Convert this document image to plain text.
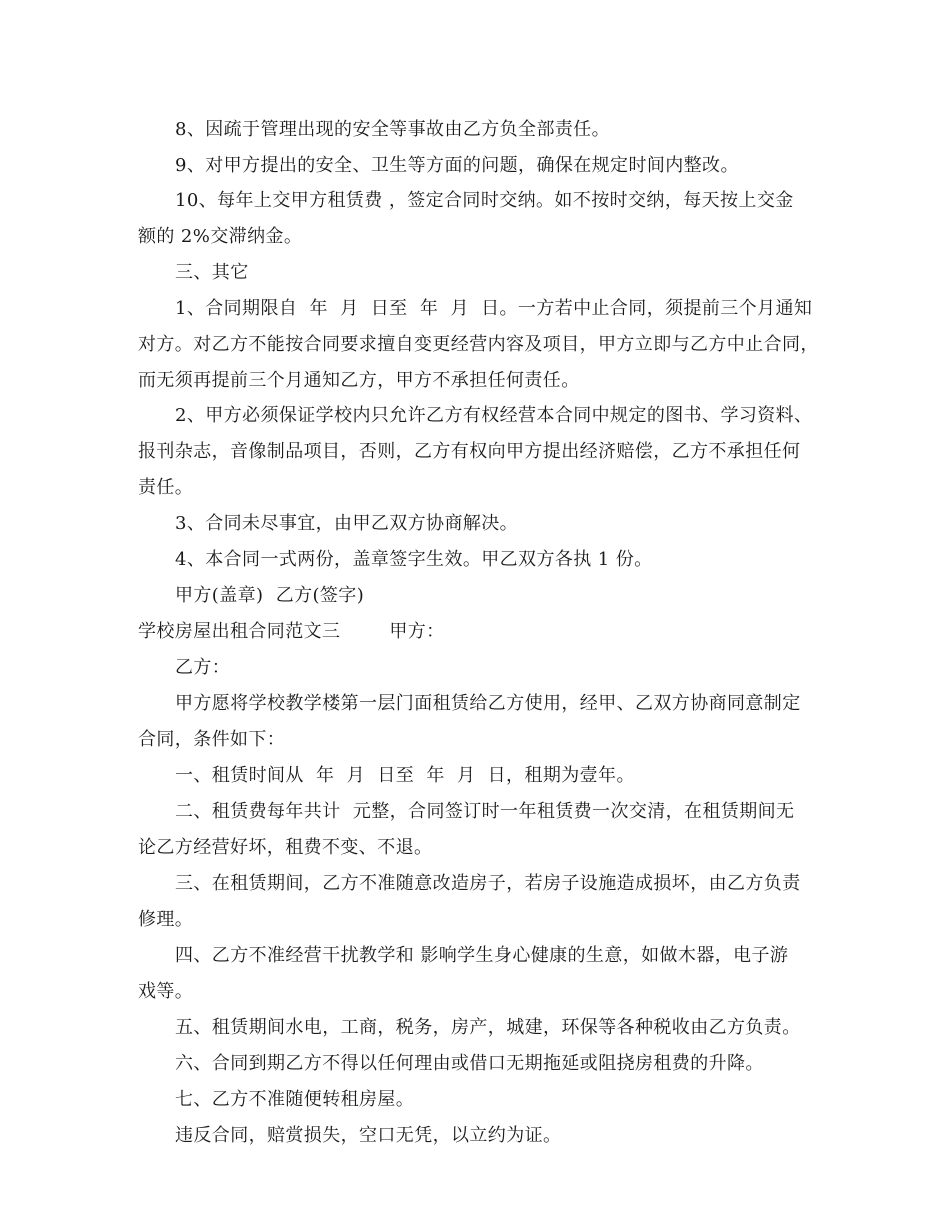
8、因疏于管理出现的安全等事故由乙方负全部责任。
9、对甲方提出的安全、卫生等方面的问题，确保在规定时间内整改。
10、每年上交甲方租赁费 ，签定合同时交纳。如不按时交纳，每天按上交金
额的 2%交滞纳金。
三、其它
1、合同期限自  年  月  日至  年  月  日。一方若中止合同，须提前三个月通知
对方。对乙方不能按合同要求擅自变更经营内容及项目，甲方立即与乙方中止合同，
而无须再提前三个月通知乙方，甲方不承担任何责任。
2、甲方必须保证学校内只允许乙方有权经营本合同中规定的图书、学习资料、
报刊杂志，音像制品项目，否则，乙方有权向甲方提出经济赔偿，乙方不承担任何
责任。
3、合同未尽事宜，由甲乙双方协商解决。
4、本合同一式两份，盖章签字生效。甲乙双方各执 1 份。
甲方(盖章)  乙方(签字)
学校房屋出租合同范文三        甲方：
乙方：
甲方愿将学校教学楼第一层门面租赁给乙方使用，经甲、乙双方协商同意制定
合同，条件如下：
一、租赁时间从  年  月  日至  年  月  日，租期为壹年。
二、租赁费每年共计  元整，合同签订时一年租赁费一次交清，在租赁期间无
论乙方经营好坏，租费不变、不退。
三、在租赁期间，乙方不准随意改造房子，若房子设施造成损坏，由乙方负责
修理。
四、乙方不准经营干扰教学和 影响学生身心健康的生意，如做木器，电子游
戏等。
五、租赁期间水电，工商，税务，房产，城建，环保等各种税收由乙方负责。
六、合同到期乙方不得以任何理由或借口无期拖延或阻挠房租费的升降。
七、乙方不准随便转租房屋。
违反合同，赔赏损失，空口无凭，以立约为证。
